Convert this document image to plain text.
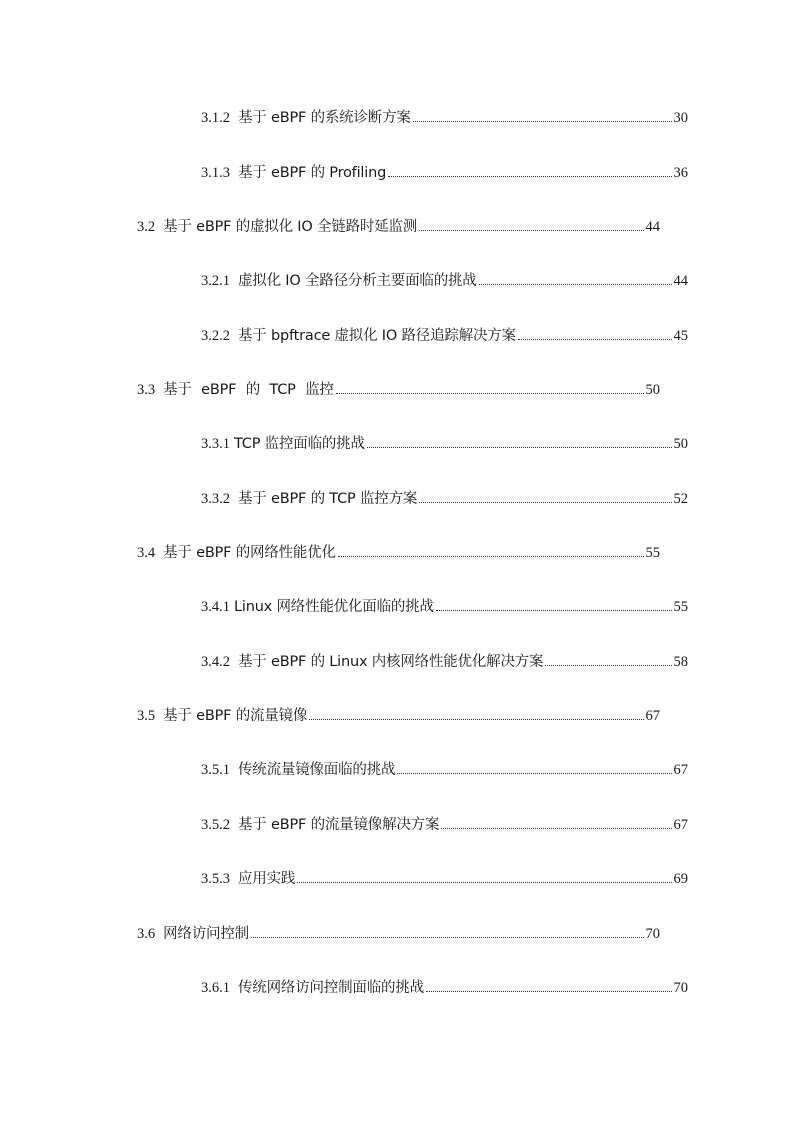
3.1.2 基于 eBPF 的系统诊断方案	30
3.1.3 基于 eBPF 的 Profiling	36
3.2 基于 eBPF 的虚拟化 IO 全链路时延监测	44
3.2.1 虚拟化 IO 全路径分析主要面临的挑战	44
3.2.2 基于 bpftrace 虚拟化 IO 路径追踪解决方案	45
3.3 基于 eBPF 的 TCP 监控	50
3.3.1 TCP 监控面临的挑战	50
3.3.2 基于 eBPF 的 TCP 监控方案	52
3.4 基于 eBPF 的网络性能优化	55
3.4.1 Linux 网络性能优化面临的挑战	55
3.4.2 基于 eBPF 的 Linux 内核网络性能优化解决方案	58
3.5 基于 eBPF 的流量镜像	67
3.5.1 传统流量镜像面临的挑战	67
3.5.2 基于 eBPF 的流量镜像解决方案	67
3.5.3 应用实践	69
3.6 网络访问控制	70
3.6.1 传统网络访问控制面临的挑战	70
